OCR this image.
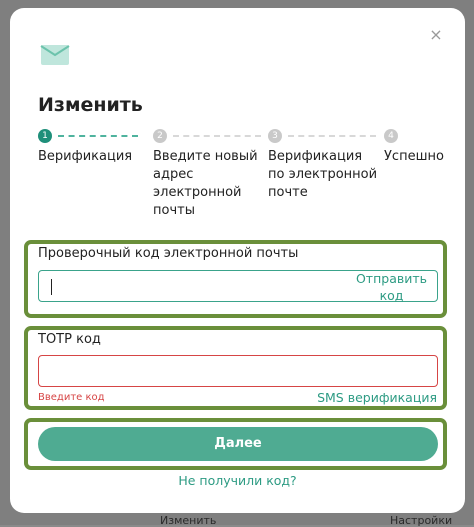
Изменить	Настройки
×
Изменить
1	2	3	4
Верификация	Введите новый адрес электронной почты
Верификация по электронной почте
Успешно
Проверочный код электронной почты
Отправить
код
TOTP код
Введите код	SMS верификация
Далее
Не получили код?
